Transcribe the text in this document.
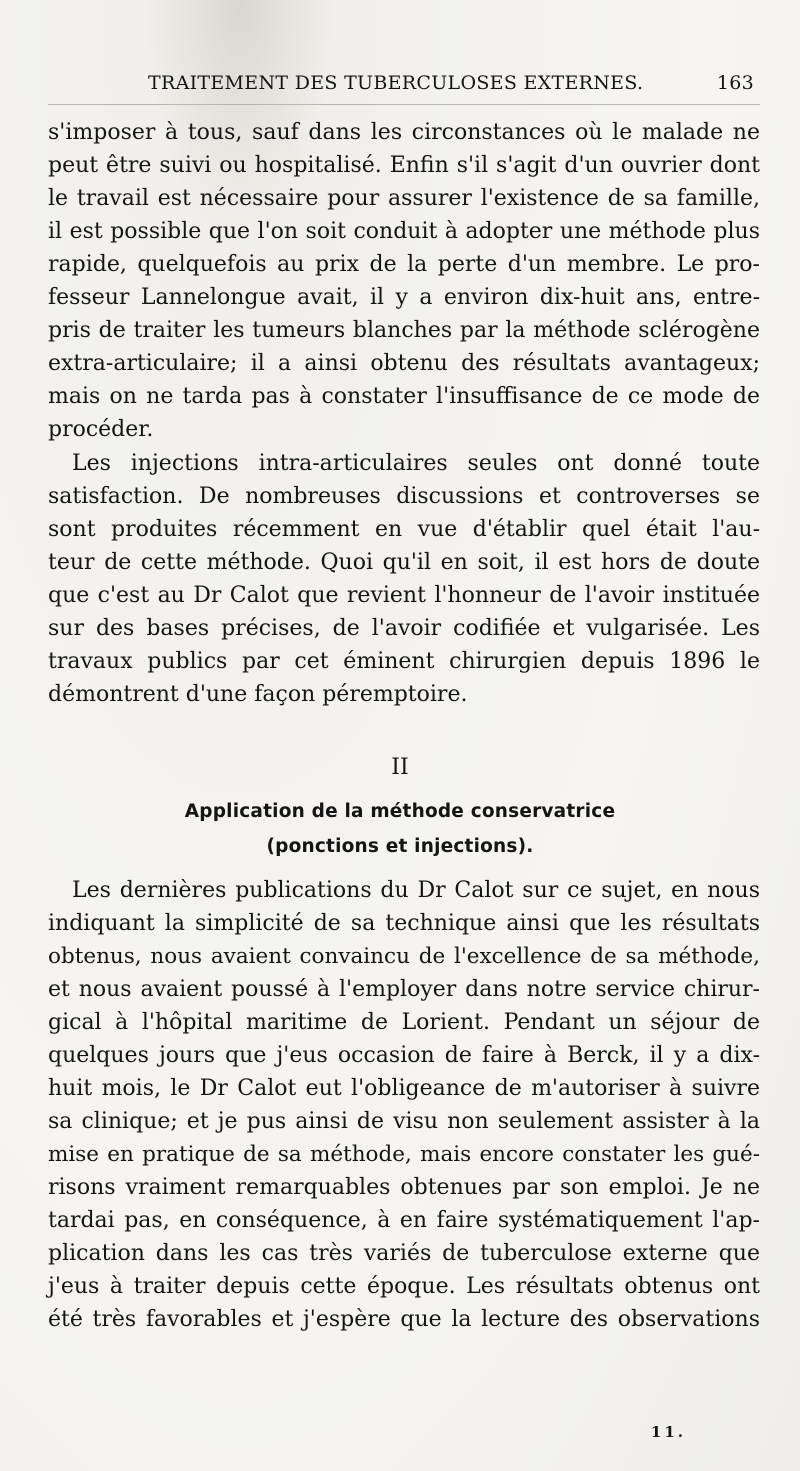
TRAITEMENT DES TUBERCULOSES EXTERNES.	163
s'imposer à tous, sauf dans les circonstances où le malade ne
peut être suivi ou hospitalisé. Enfin s'il s'agit d'un ouvrier dont
le travail est nécessaire pour assurer l'existence de sa famille,
il est possible que l'on soit conduit à adopter une méthode plus
rapide, quelquefois au prix de la perte d'un membre. Le pro-
fesseur Lannelongue avait, il y a environ dix-huit ans, entre-
pris de traiter les tumeurs blanches par la méthode sclérogène
extra-articulaire; il a ainsi obtenu des résultats avantageux;
mais on ne tarda pas à constater l'insuffisance de ce mode de
procéder.
Les injections intra-articulaires seules ont donné toute
satisfaction. De nombreuses discussions et controverses se
sont produites récemment en vue d'établir quel était l'au-
teur de cette méthode. Quoi qu'il en soit, il est hors de doute
que c'est au Dr Calot que revient l'honneur de l'avoir instituée
sur des bases précises, de l'avoir codifiée et vulgarisée. Les
travaux publics par cet éminent chirurgien depuis 1896 le
démontrent d'une façon péremptoire.
II
Application de la méthode conservatrice
(ponctions et injections).
Les dernières publications du Dr Calot sur ce sujet, en nous
indiquant la simplicité de sa technique ainsi que les résultats
obtenus, nous avaient convaincu de l'excellence de sa méthode,
et nous avaient poussé à l'employer dans notre service chirur-
gical à l'hôpital maritime de Lorient. Pendant un séjour de
quelques jours que j'eus occasion de faire à Berck, il y a dix-
huit mois, le Dr Calot eut l'obligeance de m'autoriser à suivre
sa clinique; et je pus ainsi de visu non seulement assister à la
mise en pratique de sa méthode, mais encore constater les gué-
risons vraiment remarquables obtenues par son emploi. Je ne
tardai pas, en conséquence, à en faire systématiquement l'ap-
plication dans les cas très variés de tuberculose externe que
j'eus à traiter depuis cette époque. Les résultats obtenus ont
été très favorables et j'espère que la lecture des observations
11.
